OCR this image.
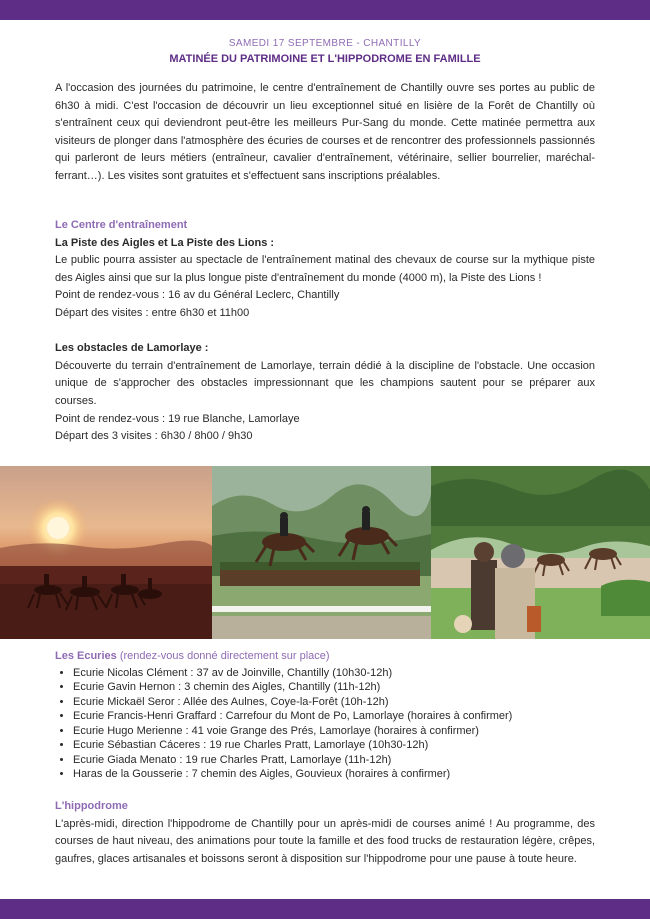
SAMEDI 17 SEPTEMBRE - CHANTILLY
MATINÉE DU PATRIMOINE ET L'HIPPODROME EN FAMILLE

A l'occasion des journées du patrimoine, le centre d'entraînement de Chantilly ouvre ses portes au public de 6h30 à midi. C'est l'occasion de découvrir un lieu exceptionnel situé en lisière de la Forêt de Chantilly où s'entraînent ceux qui deviendront peut-être les meilleurs Pur-Sang du monde. Cette matinée permettra aux visiteurs de plonger dans l'atmosphère des écuries de courses et de rencontrer des professionnels passionnés qui parleront de leurs métiers (entraîneur, cavalier d'entraînement, vétérinaire, sellier bourrelier, maréchal-ferrant…). Les visites sont gratuites et s'effectuent sans inscriptions préalables.

Le Centre d'entraînement
La Piste des Aigles et La Piste des Lions :

Le public pourra assister au spectacle de l'entraînement matinal des chevaux de course sur la mythique piste des Aigles ainsi que sur la plus longue piste d'entraînement du monde (4000 m), la Piste des Lions !

Point de rendez-vous : 16 av du Général Leclerc, Chantilly

Départ des visites : entre 6h30 et 11h00

Les obstacles de Lamorlaye :

Découverte du terrain d'entraînement de Lamorlaye, terrain dédié à la discipline de l'obstacle. Une occasion unique de s'approcher des obstacles impressionnant que les champions sautent pour se préparer aux courses.

Point de rendez-vous : 19 rue Blanche, Lamorlaye

Départ des 3 visites : 6h30 / 8h00 / 9h30

Les Ecuries (rendez-vous donné directement sur place)
• Ecurie Nicolas Clément : 37 av de Joinville, Chantilly (10h30-12h)
• Ecurie Gavin Hernon : 3 chemin des Aigles, Chantilly (11h-12h)
• Ecurie Mickaël Seror : Allée des Aulnes, Coye-la-Forêt (10h-12h)
• Ecurie Francis-Henri Graffard : Carrefour du Mont de Po, Lamorlaye (horaires à confirmer)
• Ecurie Hugo Merienne : 41 voie Grange des Prés, Lamorlaye (horaires à confirmer)
• Ecurie Sébastian Cáceres : 19 rue Charles Pratt, Lamorlaye (10h30-12h)
• Ecurie Giada Menato : 19 rue Charles Pratt, Lamorlaye (11h-12h)
• Haras de la Gousserie : 7 chemin des Aigles, Gouvieux (horaires à confirmer)
L'hippodrome

L'après-midi, direction l'hippodrome de Chantilly pour un après-midi de courses animé ! Au programme, des courses de haut niveau, des animations pour toute la famille et des food trucks de restauration légère, crêpes, gaufres, glaces artisanales et boissons seront à disposition sur l'hippodrome pour une pause à toute heure.
